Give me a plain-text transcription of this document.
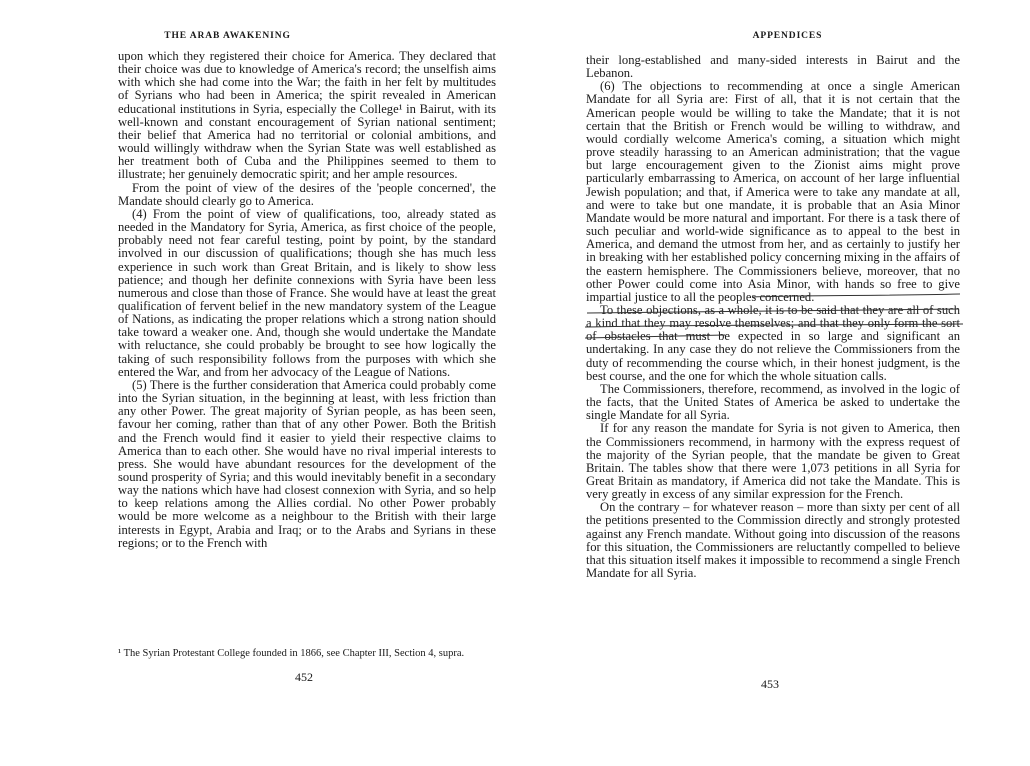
THE ARAB AWAKENING

upon which they registered their choice for America. They declared that their choice was due to knowledge of America's record; the unselfish aims with which she had come into the War; the faith in her felt by multitudes of Syrians who had been in America; the spirit revealed in American educational institutions in Syria, especially the College¹ in Bairut, with its well-known and constant encouragement of Syrian national sentiment; their belief that America had no territorial or colonial ambitions, and would willingly withdraw when the Syrian State was well established as her treatment both of Cuba and the Philippines seemed to them to illustrate; her genuinely democratic spirit; and her ample resources.

From the point of view of the desires of the 'people concerned', the Mandate should clearly go to America.

(4) From the point of view of qualifications, too, already stated as needed in the Mandatory for Syria, America, as first choice of the people, probably need not fear careful testing, point by point, by the standard involved in our discussion of qualifications; though she has much less experience in such work than Great Britain, and is likely to show less patience; and though her definite connexions with Syria have been less numerous and close than those of France. She would have at least the great qualification of fervent belief in the new mandatory system of the League of Nations, as indicating the proper relations which a strong nation should take toward a weaker one. And, though she would undertake the Mandate with reluctance, she could probably be brought to see how logically the taking of such responsibility follows from the purposes with which she entered the War, and from her advocacy of the League of Nations.

(5) There is the further consideration that America could probably come into the Syrian situation, in the beginning at least, with less friction than any other Power. The great majority of Syrian people, as has been seen, favour her coming, rather than that of any other Power. Both the British and the French would find it easier to yield their respective claims to America than to each other. She would have no rival imperial interests to press. She would have abundant resources for the development of the sound prosperity of Syria; and this would inevitably benefit in a secondary way the nations which have had closest connexion with Syria, and so help to keep relations among the Allies cordial. No other Power probably would be more welcome as a neighbour to the British with their large interests in Egypt, Arabia and Iraq; or to the Arabs and Syrians in these regions; or to the French with

¹ The Syrian Protestant College founded in 1866, see Chapter III, Section 4, supra.
452
APPENDICES
453

their long-established and many-sided interests in Bairut and the Lebanon.

(6) The objections to recommending at once a single American Mandate for all Syria are: First of all, that it is not certain that the American people would be willing to take the Mandate; that it is not certain that the British or French would be willing to withdraw, and would cordially welcome America's coming, a situation which might prove steadily harassing to an American administration; that the vague but large encouragement given to the Zionist aims might prove particularly embarrassing to America, on account of her large influential Jewish population; and that, if America were to take any mandate at all, and were to take but one mandate, it is probable that an Asia Minor Mandate would be more natural and important. For there is a task there of such peculiar and world-wide significance as to appeal to the best in America, and demand the utmost from her, and as certainly to justify her in breaking with her established policy concerning mixing in the affairs of the eastern hemisphere. The Commissioners believe, moreover, that no other Power could come into Asia Minor, with hands so free to give impartial justice to all the peoples concerned.

To these objections, as a whole, it is to be said that they are all of such a kind that they may resolve themselves; and that they only form the sort of obstacles that must be expected in so large and significant an undertaking. In any case they do not relieve the Commissioners from the duty of recommending the course which, in their honest judgment, is the best course, and the one for which the whole situation calls.

The Commissioners, therefore, recommend, as involved in the logic of the facts, that the United States of America be asked to undertake the single Mandate for all Syria.

If for any reason the mandate for Syria is not given to America, then the Commissioners recommend, in harmony with the express request of the majority of the Syrian people, that the mandate be given to Great Britain. The tables show that there were 1,073 petitions in all Syria for Great Britain as mandatory, if America did not take the Mandate. This is very greatly in excess of any similar expression for the French.

On the contrary – for whatever reason – more than sixty per cent of all the petitions presented to the Commission directly and strongly protested against any French mandate. Without going into discussion of the reasons for this situation, the Commissioners are reluctantly compelled to believe that this situation itself makes it impossible to recommend a single French Mandate for all Syria.
